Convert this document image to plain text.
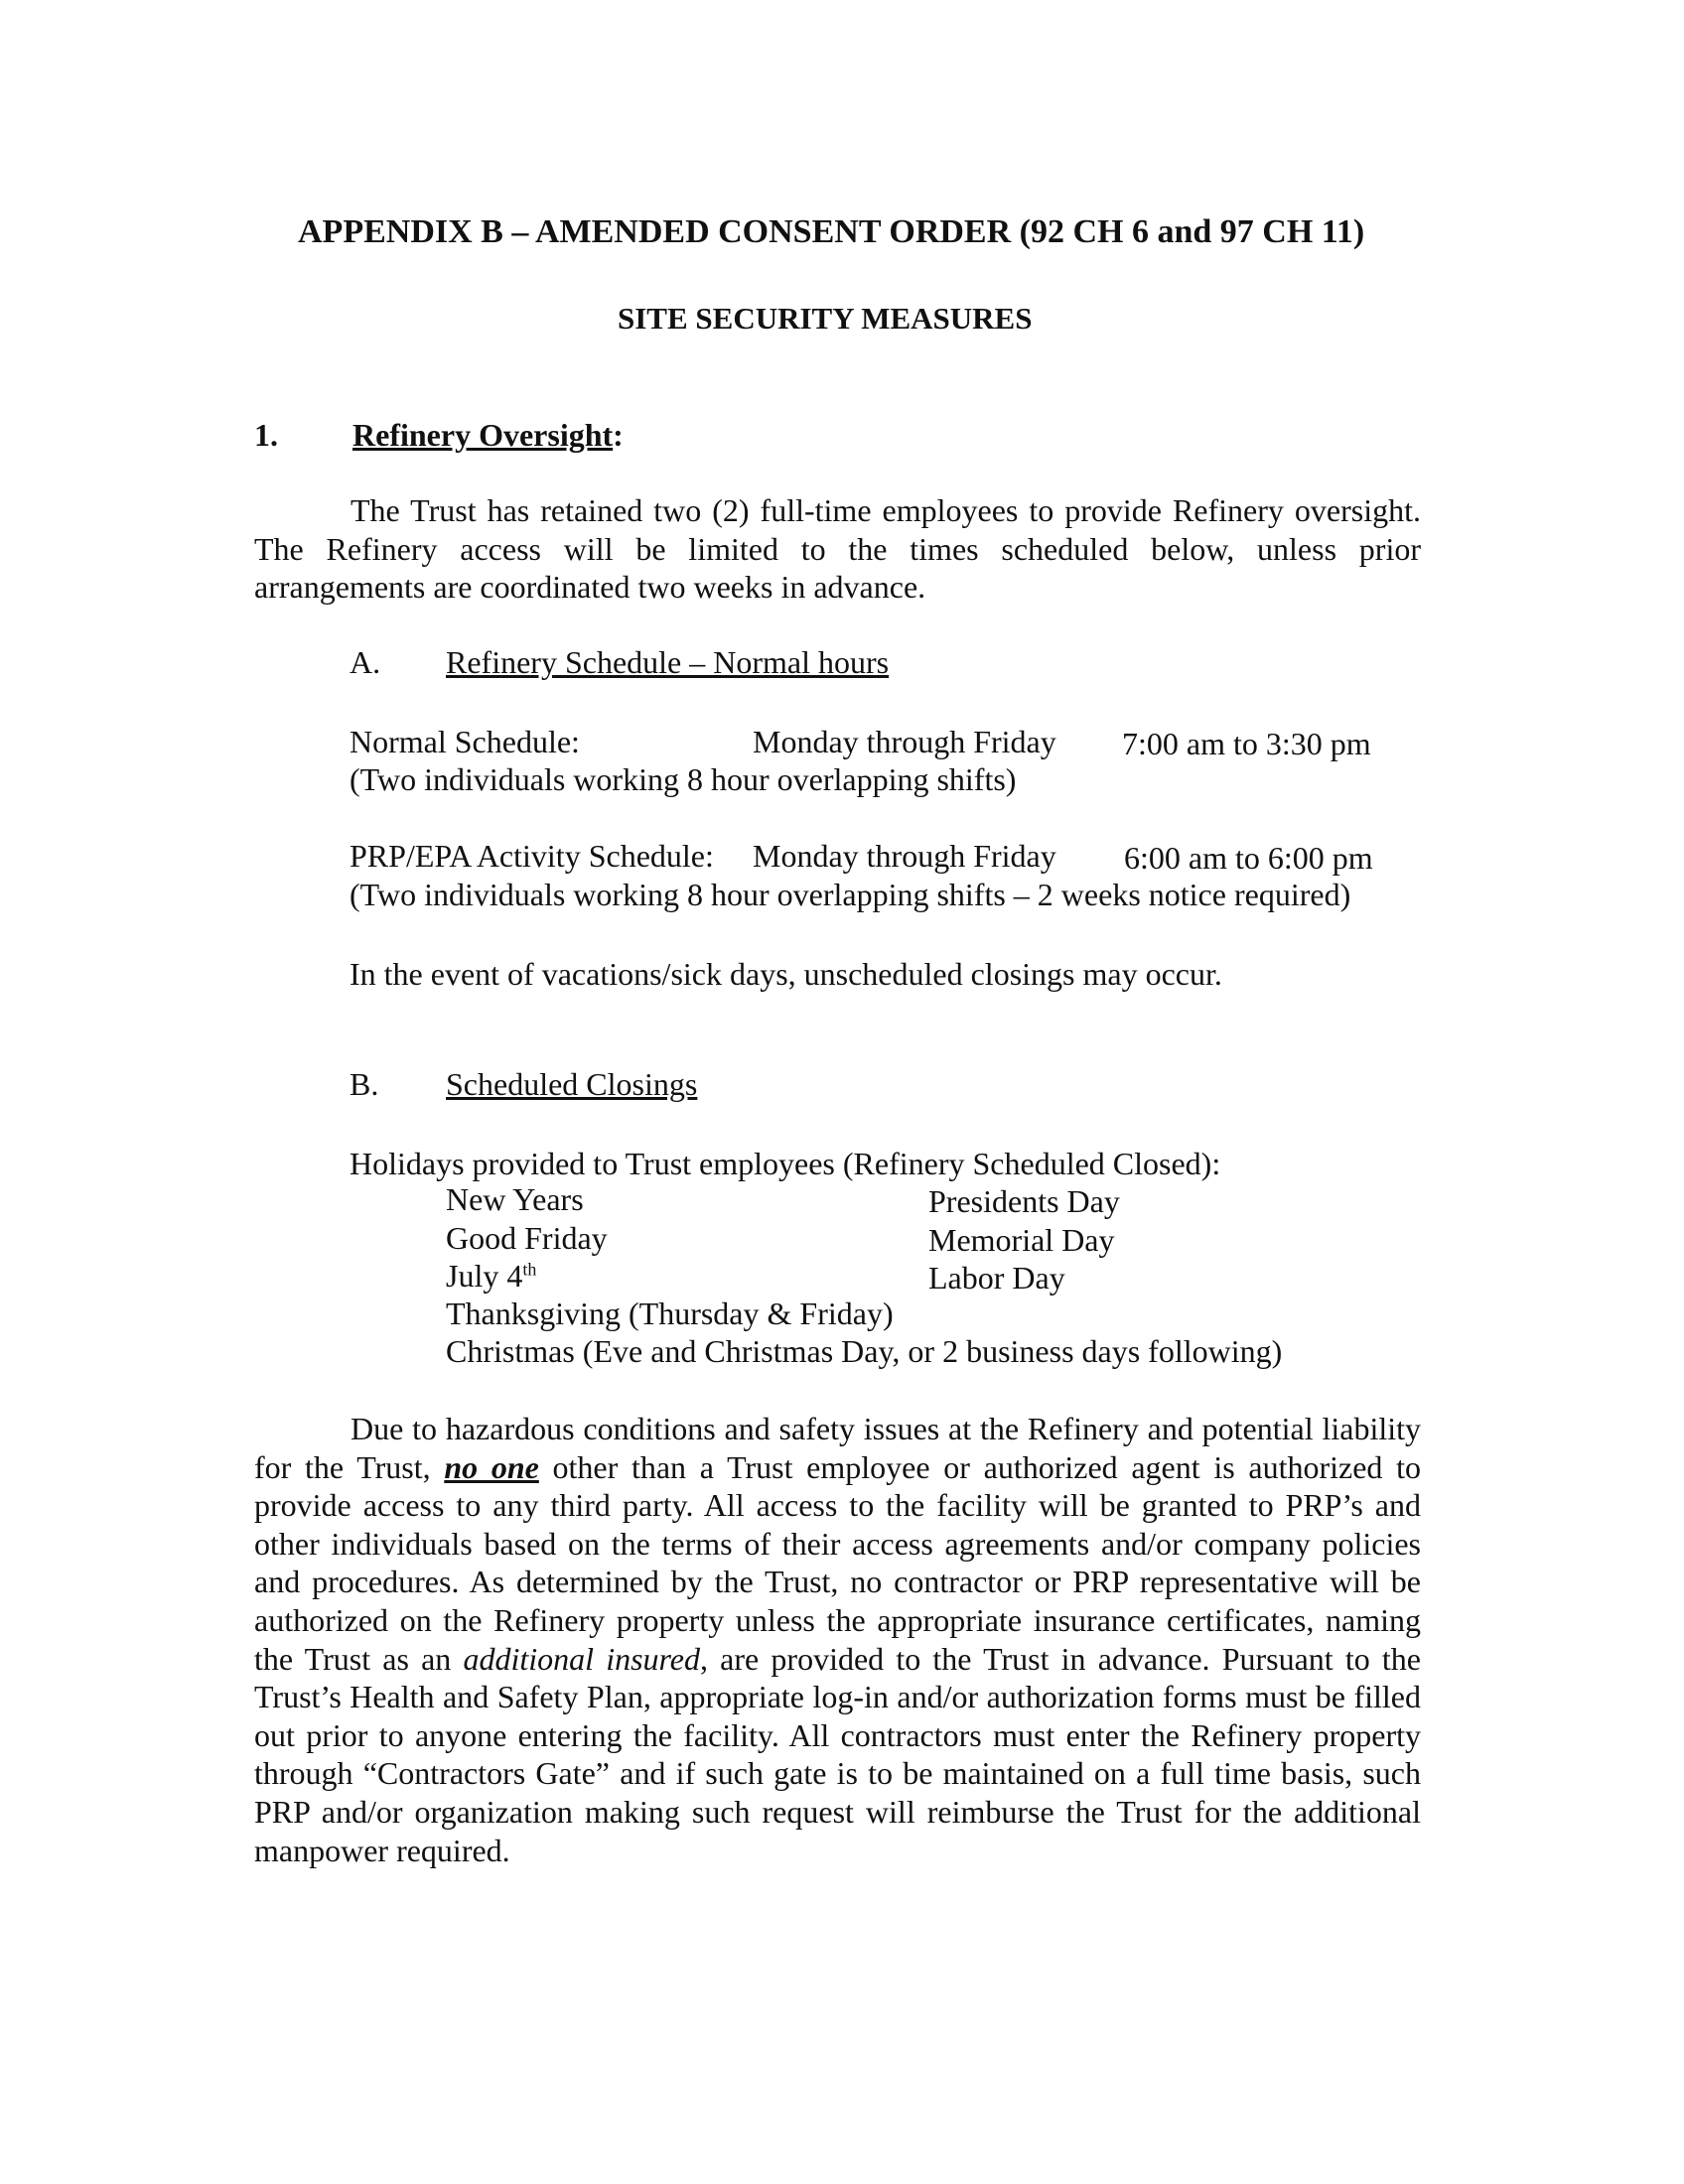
APPENDIX B – AMENDED CONSENT ORDER (92 CH 6 and 97 CH 11)
SITE SECURITY MEASURES
1. Refinery Oversight:
The Trust has retained two (2) full-time employees to provide Refinery oversight. The Refinery access will be limited to the times scheduled below, unless prior arrangements are coordinated two weeks in advance.
A. Refinery Schedule – Normal hours
Normal Schedule:	Monday through Friday 7:00 am to 3:30 pm
(Two individuals working 8 hour overlapping shifts)
PRP/EPA Activity Schedule: Monday through Friday 6:00 am to 6:00 pm
(Two individuals working 8 hour overlapping shifts – 2 weeks notice required)
In the event of vacations/sick days, unscheduled closings may occur.
B. Scheduled Closings
Holidays provided to Trust employees (Refinery Scheduled Closed):
New Years	Presidents Day
Good Friday	Memorial Day
July 4th	Labor Day
Thanksgiving (Thursday & Friday)
Christmas (Eve and Christmas Day, or 2 business days following)
Due to hazardous conditions and safety issues at the Refinery and potential liability for the Trust, no one other than a Trust employee or authorized agent is authorized to provide access to any third party. All access to the facility will be granted to PRP’s and other individuals based on the terms of their access agreements and/or company policies and procedures. As determined by the Trust, no contractor or PRP representative will be authorized on the Refinery property unless the appropriate insurance certificates, naming the Trust as an additional insured, are provided to the Trust in advance. Pursuant to the Trust’s Health and Safety Plan, appropriate log-in and/or authorization forms must be filled out prior to anyone entering the facility. All contractors must enter the Refinery property through “Contractors Gate” and if such gate is to be maintained on a full time basis, such PRP and/or organization making such request will reimburse the Trust for the additional manpower required.
